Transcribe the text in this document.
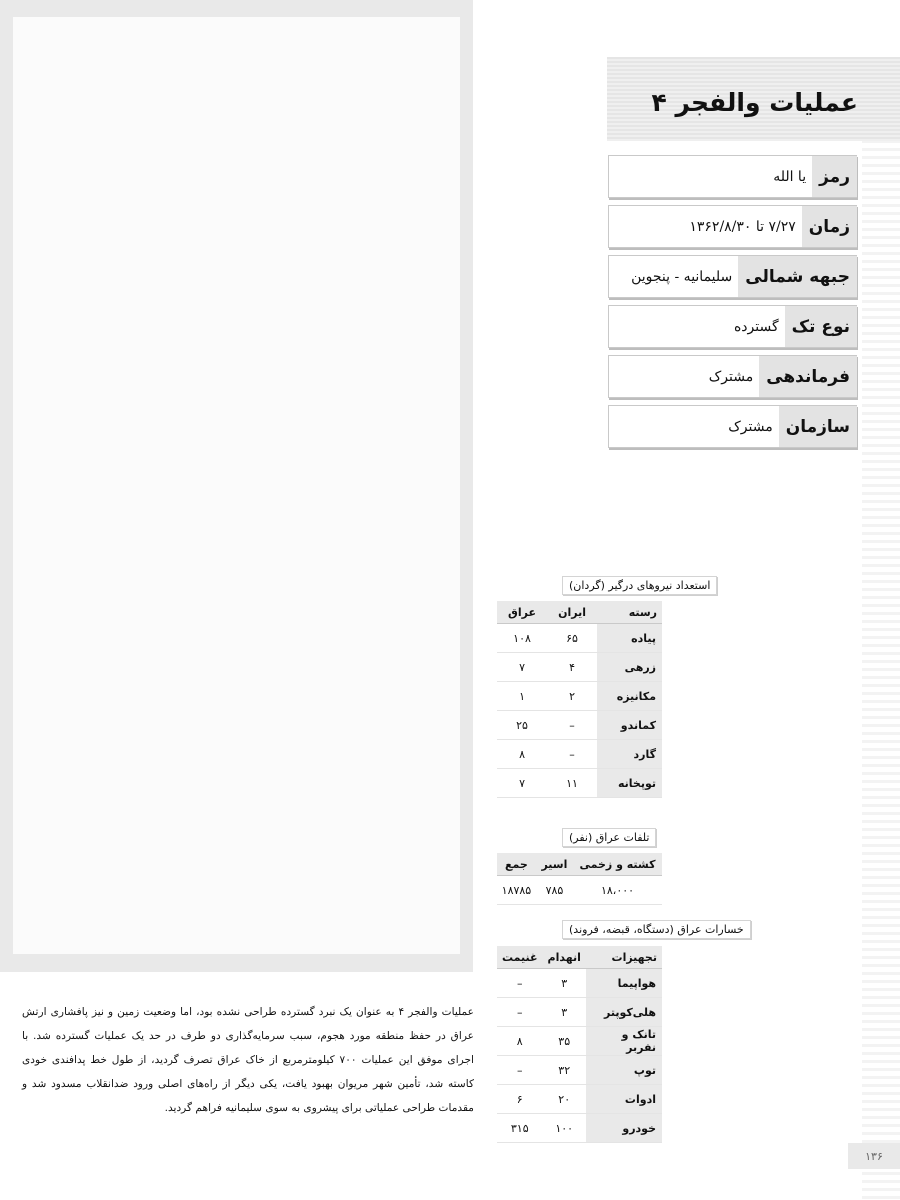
عملیات والفجر ۴
رمز
یا الله
زمان
۷/۲۷ تا ۱۳۶۲/۸/۳۰
جبهه شمالی
سلیمانیه - پنجوین
نوع تک
گسترده
فرماندهی
مشترک
سازمان
مشترک
استعداد نیروهای درگیر (گردان)
رسته	ایران	عراق
پیاده	۶۵	۱۰۸
زرهی	۴	۷
مکانیزه	۲	۱
کماندو	–	۲۵
گارد	–	۸
توپخانه	۱۱	۷
تلفات عراق (نفر)
کشته و زخمی	اسیر	جمع
۱۸،۰۰۰	۷۸۵	۱۸۷۸۵
خسارات عراق (دستگاه، قبضه، فروند)
تجهیزات	انهدام	غنیمت
هواپیما	۳	–
هلی‌کوپتر	۳	–
تانک و نفربر	۳۵	۸
توپ	۳۲	–
ادوات	۲۰	۶
خودرو	۱۰۰	۳۱۵

عملیات والفجر ۴ به عنوان یک نبرد گسترده طراحی نشده بود، اما وضعیت زمین و نیز پافشاری ارتش عراق در حفظ منطقه مورد هجوم، سبب سرمایه‌گذاری دو طرف در حد یک عملیات گسترده شد. با اجرای موفق این عملیات ۷۰۰ کیلومترمربع از خاک عراق تصرف گردید، از طول خط پدافندی خودی کاسته شد، تأمین شهر مریوان بهبود یافت، یکی دیگر از راه‌های اصلی ورود ضدانقلاب مسدود شد و مقدمات طراحی عملیاتی برای پیشروی به سوی سلیمانیه فراهم گردید.

۱۳۶
